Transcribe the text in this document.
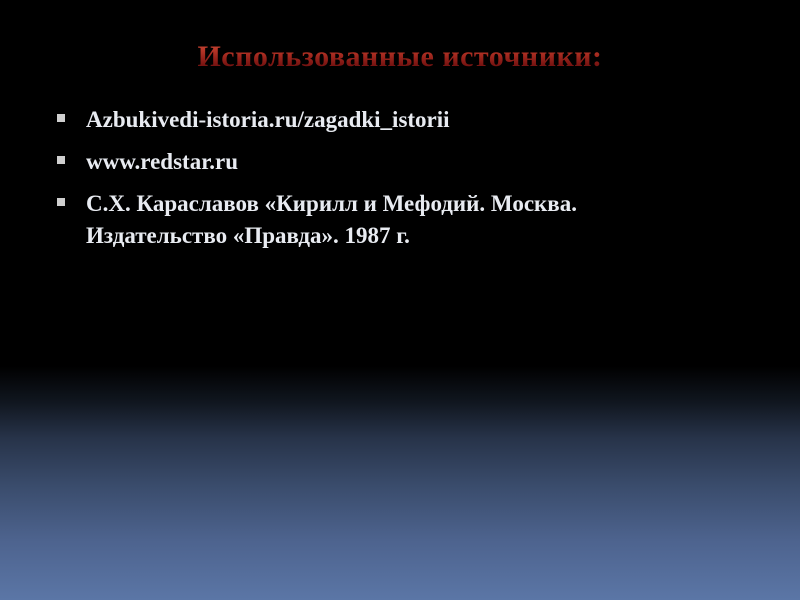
Использованные источники:
Azbukivedi-istoria.ru/zagadki_istorii
www.redstar.ru
С.Х. Караславов «Кирилл и Мефодий. Москва. Издательство «Правда». 1987 г.
